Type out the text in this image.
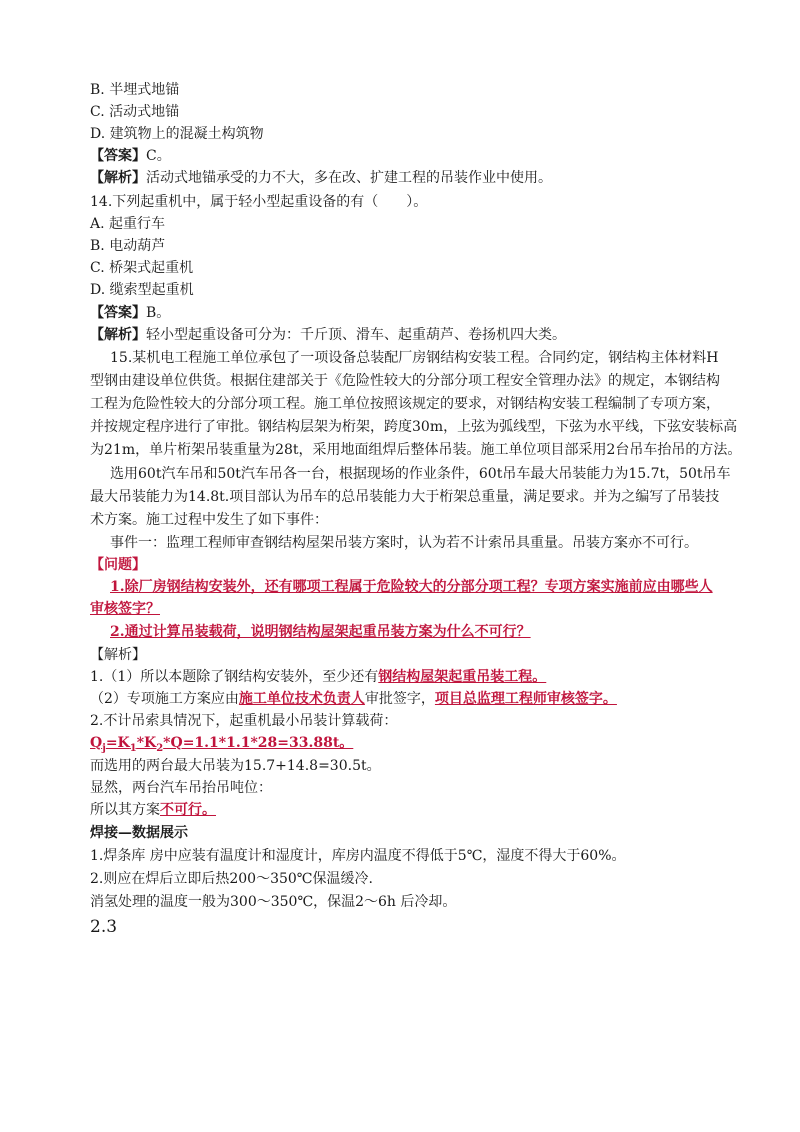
B. 半埋式地锚
C. 活动式地锚
D. 建筑物上的混凝土构筑物
【答案】C。
【解析】活动式地锚承受的力不大，多在改、扩建工程的吊装作业中使用。
14.下列起重机中，属于轻小型起重设备的有（　　）。
A. 起重行车
B. 电动葫芦
C. 桥架式起重机
D. 缆索型起重机
【答案】B。
【解析】轻小型起重设备可分为：千斤顶、滑车、起重葫芦、卷扬机四大类。
15.某机电工程施工单位承包了一项设备总装配厂房钢结构安装工程。合同约定，钢结构主体材料H
型钢由建设单位供货。根据住建部关于《危险性较大的分部分项工程安全管理办法》的规定，本钢结构
工程为危险性较大的分部分项工程。施工单位按照该规定的要求，对钢结构安装工程编制了专项方案，
并按规定程序进行了审批。钢结构层架为桁架，跨度30m，上弦为弧线型，下弦为水平线，下弦安装标高
为21m，单片桁架吊装重量为28t，采用地面组焊后整体吊装。施工单位项目部采用2台吊车抬吊的方法。
选用60t汽车吊和50t汽车吊各一台，根据现场的作业条件，60t吊车最大吊装能力为15.7t，50t吊车
最大吊装能力为14.8t.项目部认为吊车的总吊装能力大于桁架总重量，满足要求。并为之编写了吊装技
术方案。施工过程中发生了如下事件：
事件一：监理工程师审查钢结构屋架吊装方案时，认为若不计索吊具重量。吊装方案亦不可行。
【问题】
1.除厂房钢结构安装外，还有哪项工程属于危险较大的分部分项工程？专项方案实施前应由哪些人
审核签字？
2.通过计算吊装载荷，说明钢结构屋架起重吊装方案为什么不可行？
【解析】
1.（1）所以本题除了钢结构安装外，至少还有钢结构屋架起重吊装工程。
（2）专项施工方案应由施工单位技术负责人审批签字，项目总监理工程师审核签字。
2.不计吊索具情况下，起重机最小吊装计算载荷：
$Q_j=K_1*K_2*Q=1.1*1.1*28=33.88t$。
而选用的两台最大吊装为15.7+14.8=30.5t。
显然，两台汽车吊抬吊吨位：
所以其方案不可行。
焊接—数据展示
1.焊条库 房中应装有温度计和湿度计，库房内温度不得低于5℃，湿度不得大于60%。
2.则应在焊后立即后热200～350℃保温缓冷.
消氢处理的温度一般为300～350℃，保温2～6h 后冷却。
2.3
